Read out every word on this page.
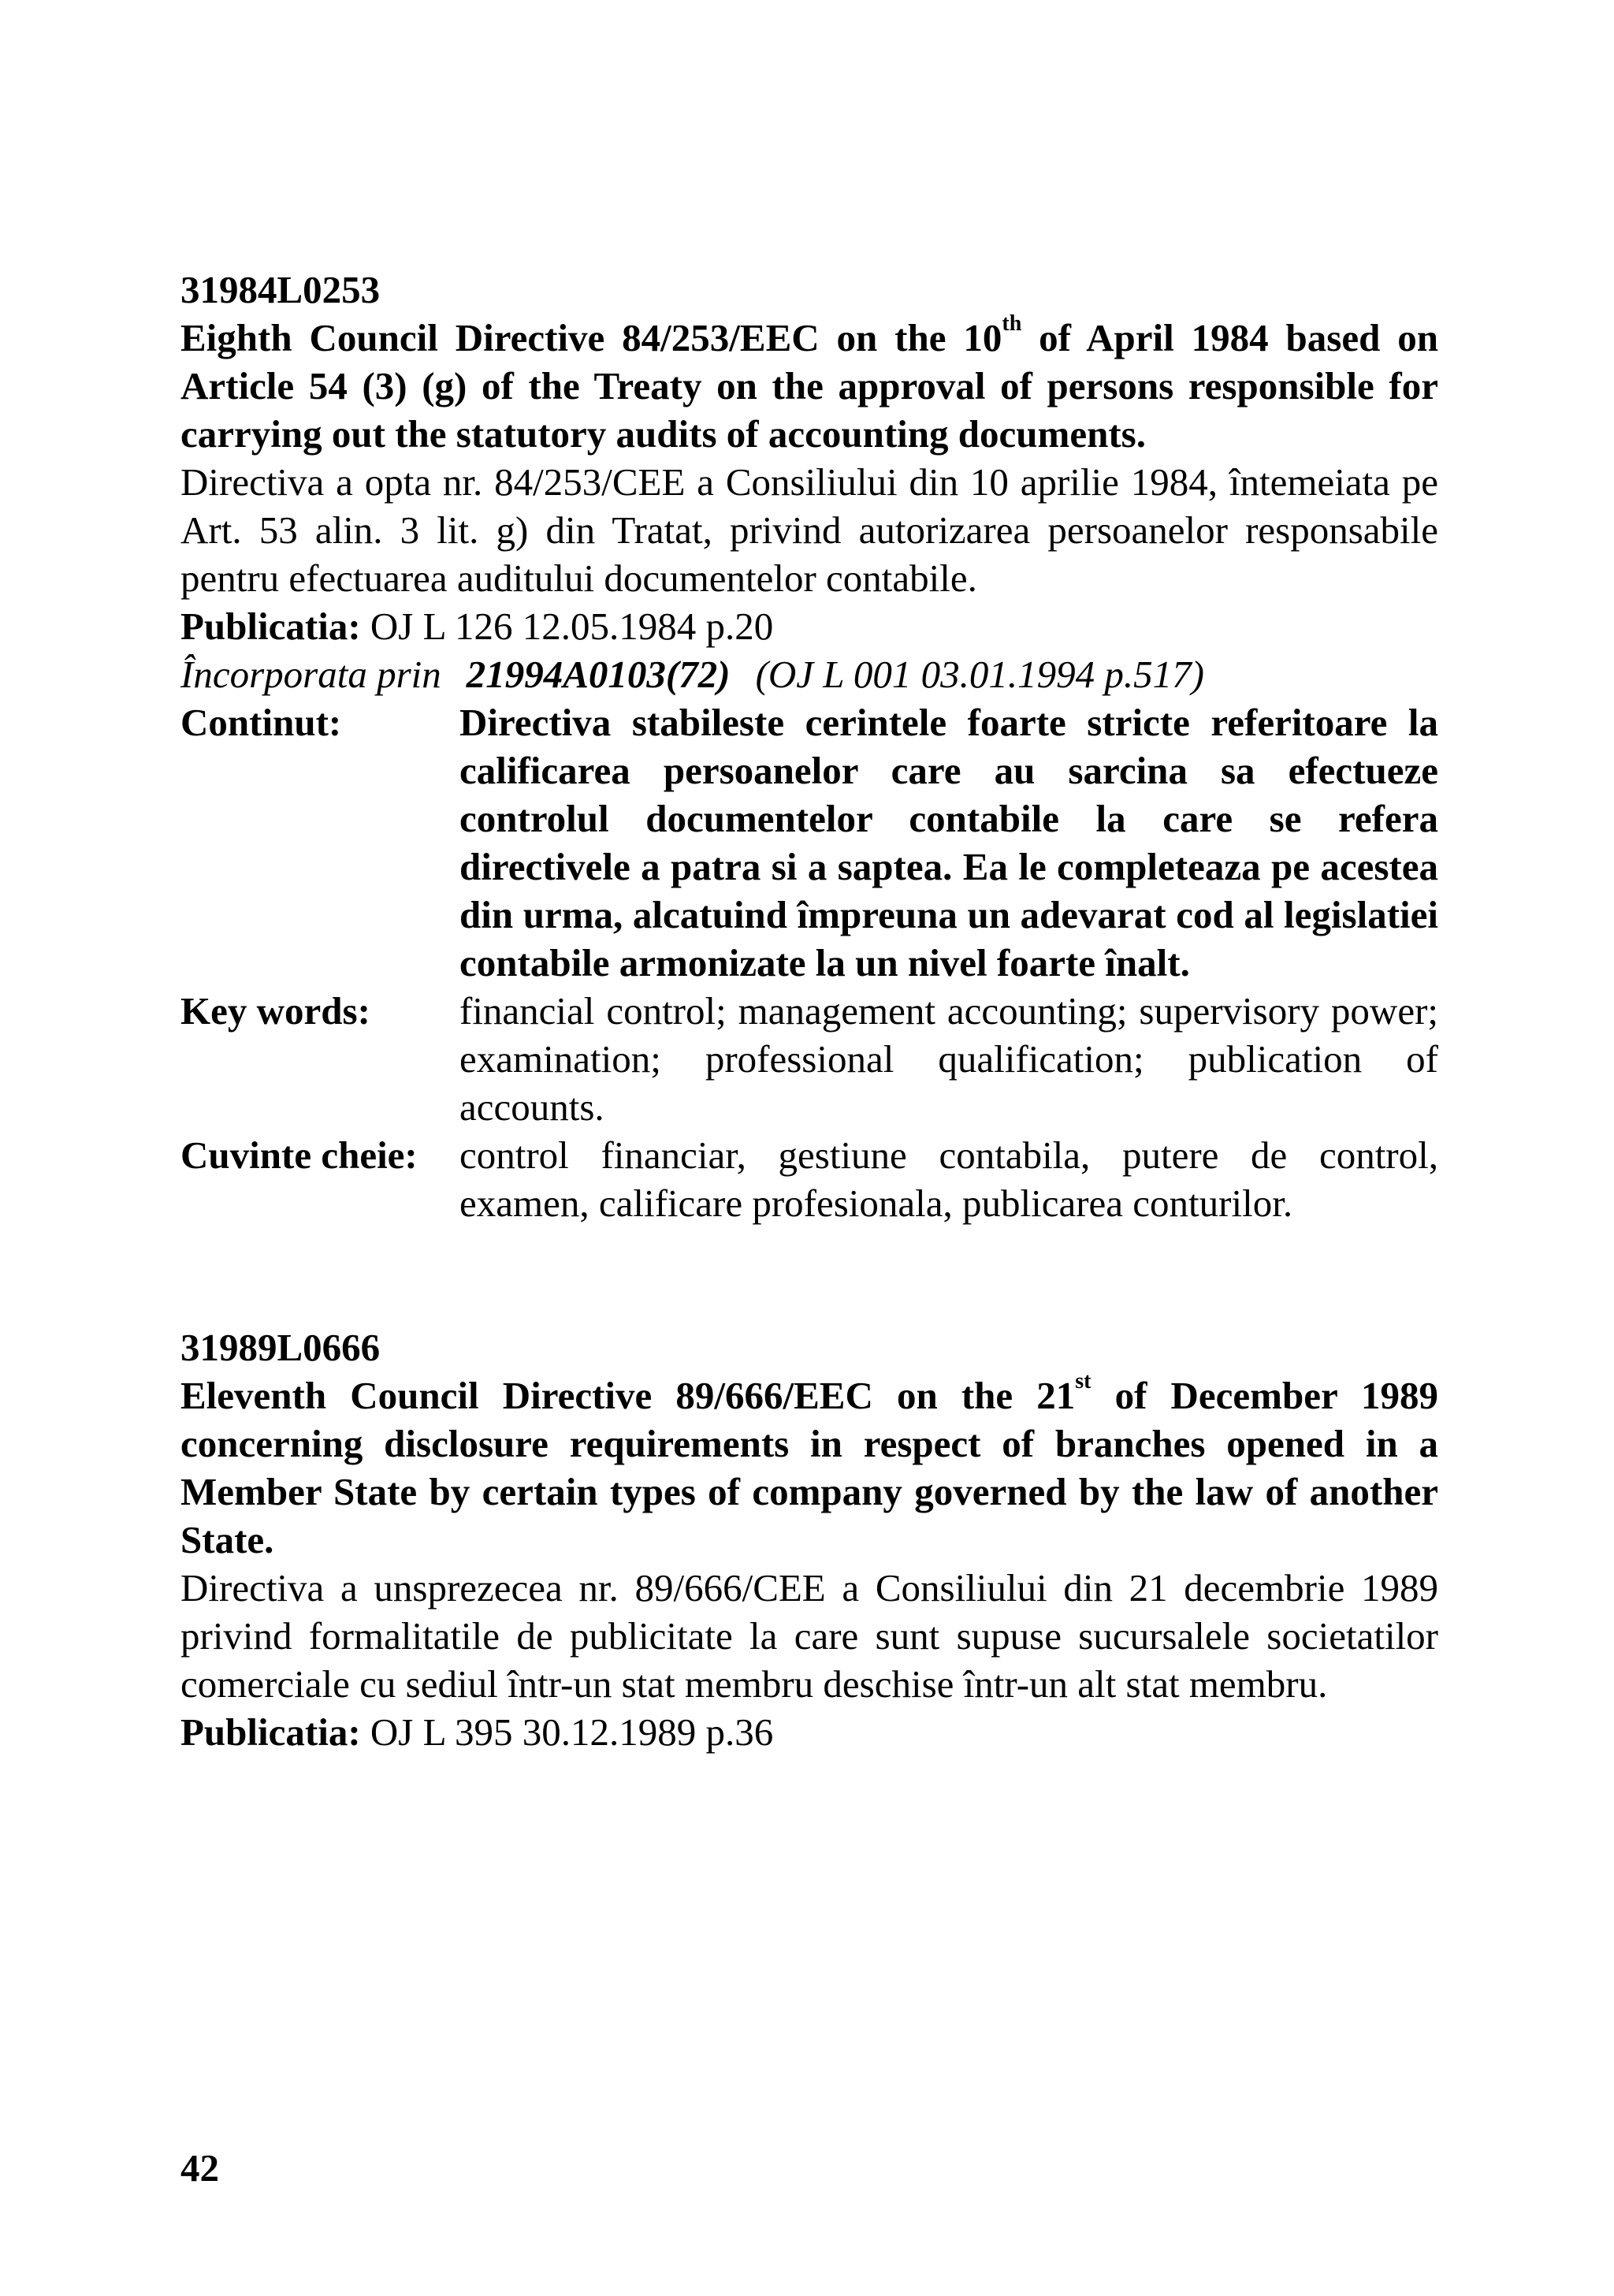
31984L0253

Eighth Council Directive 84/253/EEC on the 10th of April 1984 based on Article 54 (3) (g) of the Treaty on the approval of persons responsible for carrying out the statutory audits of accounting documents.

Directiva a opta nr. 84/253/CEE a Consiliului din 10 aprilie 1984, întemeiata pe Art. 53 alin. 3 lit. g) din Tratat, privind autorizarea persoanelor responsabile pentru efectuarea auditului documentelor contabile.

Publicatia: OJ L 126 12.05.1984 p.20
Încorporata prin 21994A0103(72) (OJ L 001 03.01.1994 p.517)
Continut:	Directiva stabileste cerintele foarte stricte referitoare la calificarea persoanelor care au sarcina sa efectueze controlul documentelor contabile la care se refera directivele a patra si a saptea. Ea le completeaza pe acestea din urma, alcatuind împreuna un adevarat cod al legislatiei contabile armonizate la un nivel foarte înalt.
Key words:	financial control; management accounting; supervisory power; examination; professional qualification; publication of accounts.
Cuvinte cheie:	control financiar, gestiune contabila, putere de control, examen, calificare profesionala, publicarea conturilor.

31989L0666

Eleventh Council Directive 89/666/EEC on the 21st of December 1989 concerning disclosure requirements in respect of branches opened in a Member State by certain types of company governed by the law of another State.

Directiva a unsprezecea nr. 89/666/CEE a Consiliului din 21 decembrie 1989 privind formalitatile de publicitate la care sunt supuse sucursalele societatilor comerciale cu sediul într-un stat membru deschise într-un alt stat membru.

Publicatia: OJ L 395 30.12.1989 p.36
42
